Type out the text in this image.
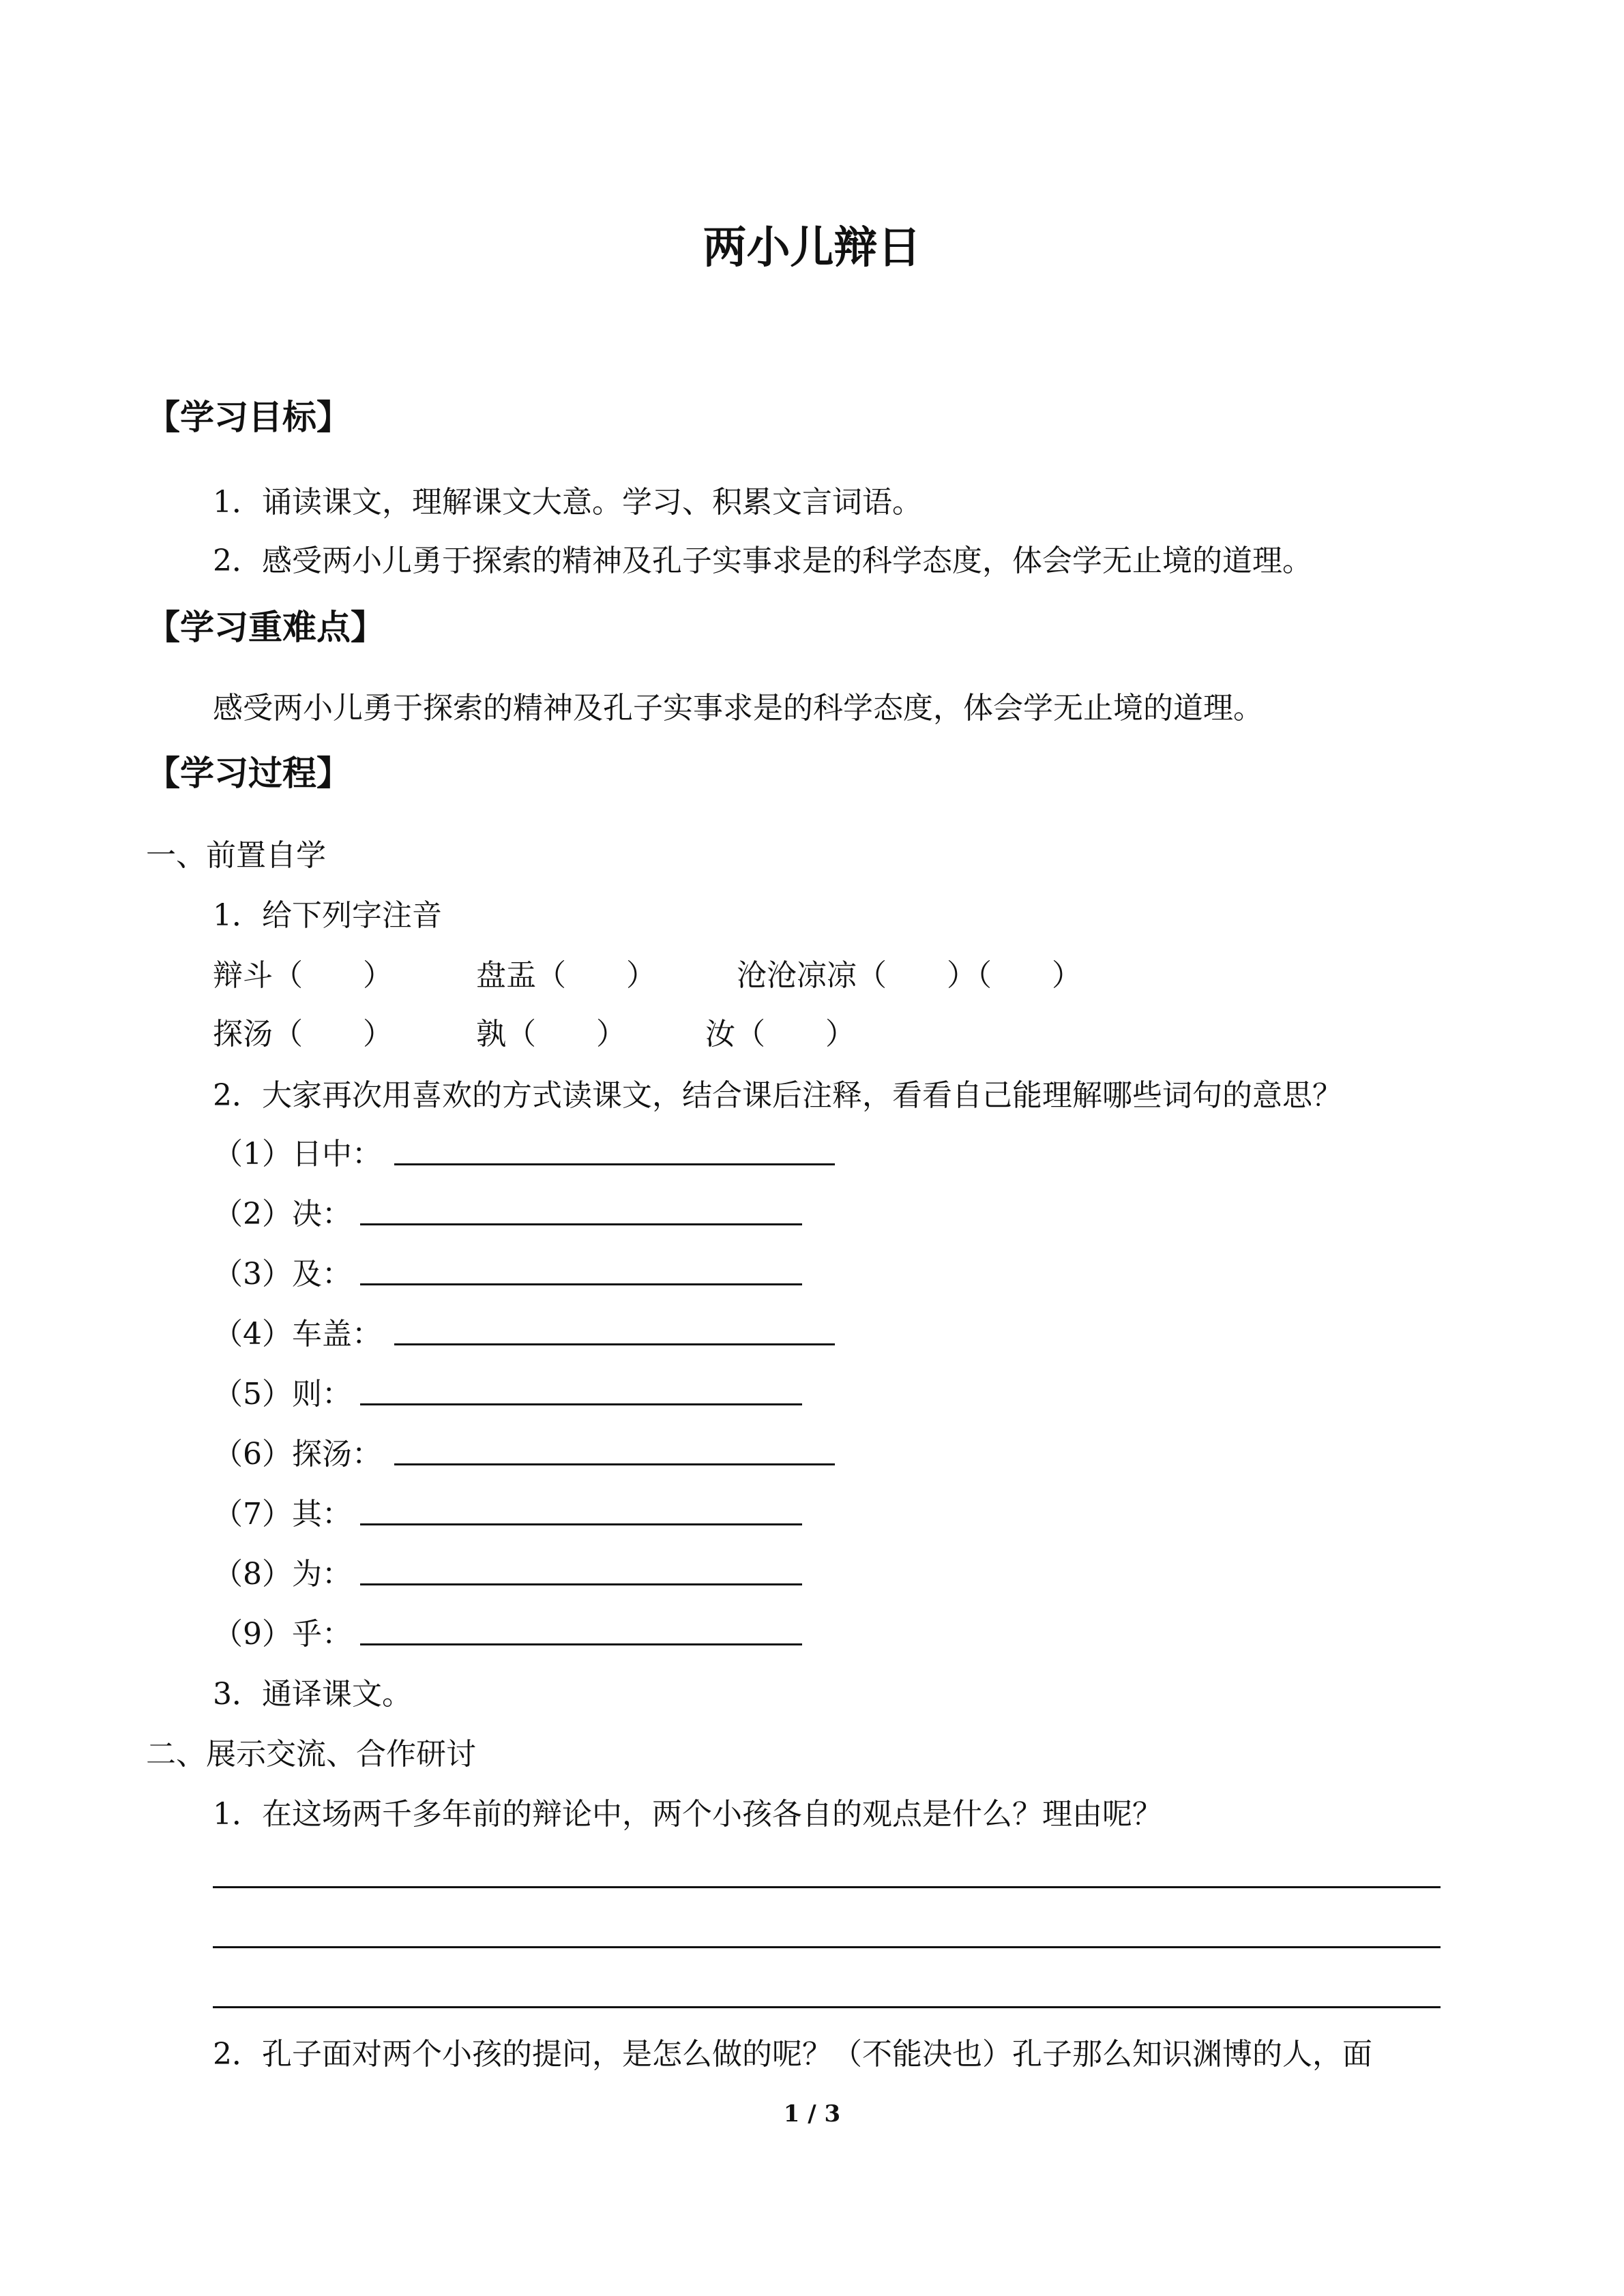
两小儿辩日
【学习目标】
1．诵读课文，理解课文大意。学习、积累文言词语。
2．感受两小儿勇于探索的精神及孔子实事求是的科学态度，体会学无止境的道理。
【学习重难点】
感受两小儿勇于探索的精神及孔子实事求是的科学态度，体会学无止境的道理。
【学习过程】
一、前置自学
1．给下列字注音
辩斗（　　）	盘盂（　　）	沧沧凉凉（　　）（　　）
探汤（　　）	孰（　　）	汝（　　）
2．大家再次用喜欢的方式读课文，结合课后注释，看看自己能理解哪些词句的意思？
（1）日中：
（2）决：
（3）及：
（4）车盖：
（5）则：
（6）探汤：
（7）其：
（8）为：
（9）乎：
3．通译课文。
二、展示交流、合作研讨
1．在这场两千多年前的辩论中，两个小孩各自的观点是什么？理由呢？
2．孔子面对两个小孩的提问，是怎么做的呢？（不能决也）孔子那么知识渊博的人，面
1 / 3
